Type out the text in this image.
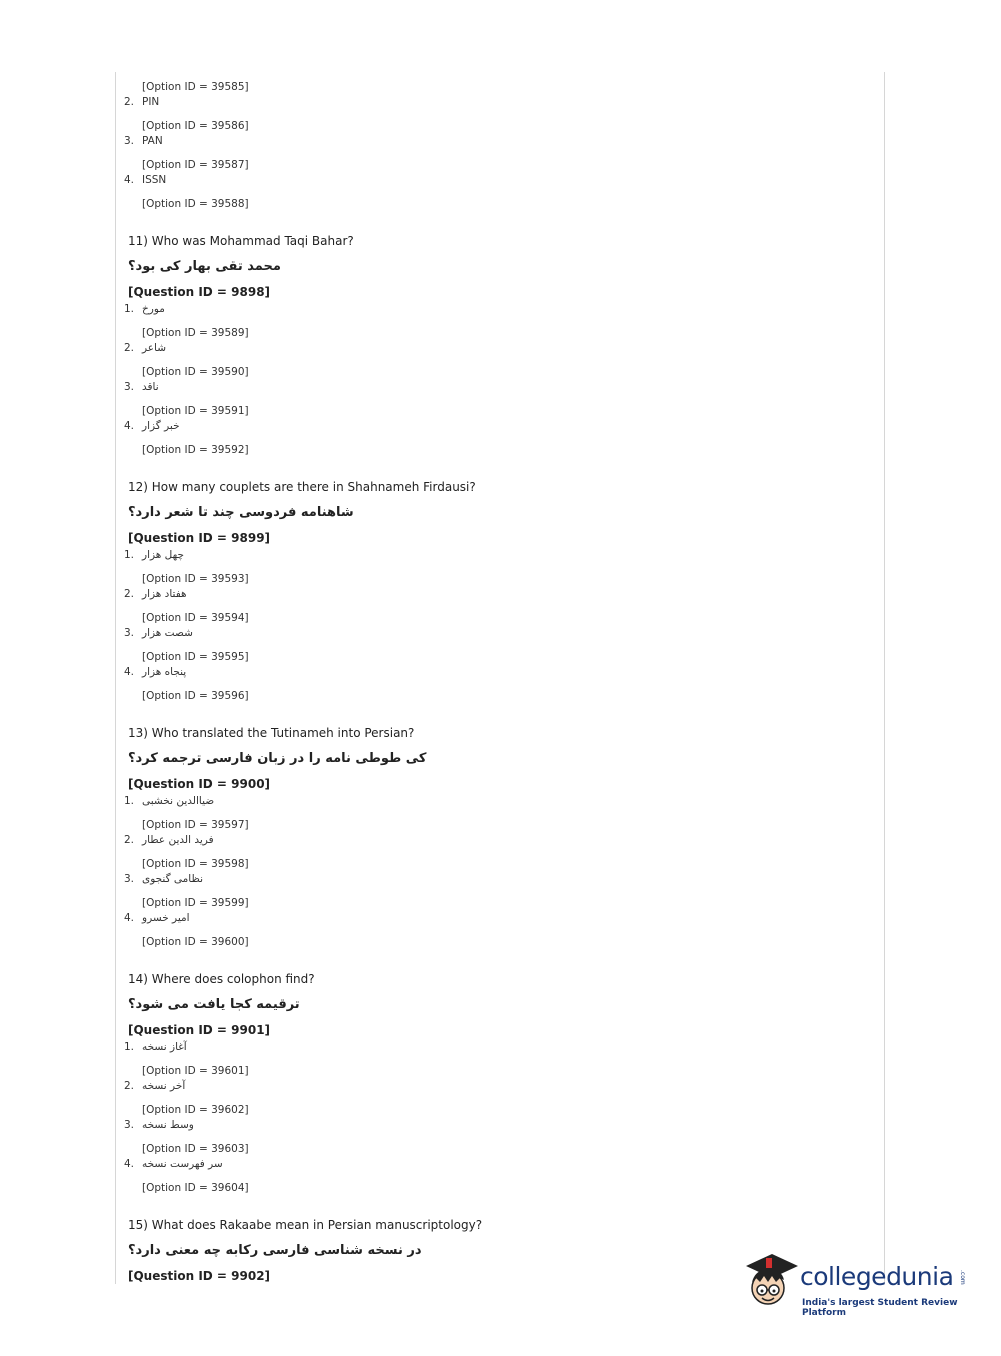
[Option ID = 39585]
2. PIN
[Option ID = 39586]
3. PAN
[Option ID = 39587]
4. ISSN
[Option ID = 39588]
11) Who was Mohammad Taqi Bahar?
محمد تقی بهار کی بود؟
[Question ID = 9898]
1. مورخ
[Option ID = 39589]
2. شاعر
[Option ID = 39590]
3. ناقد
[Option ID = 39591]
4. خبر گزار
[Option ID = 39592]
12) How many couplets are there in Shahnameh Firdausi?
شاهنامه فردوسی چند تا شعر دارد؟
[Question ID = 9899]
1. چهل هزار
[Option ID = 39593]
2. هفتاد هزار
[Option ID = 39594]
3. شصت هزار
[Option ID = 39595]
4. پنجاه هزار
[Option ID = 39596]
13) Who translated the Tutinameh into Persian?
کی طوطی نامه را در زبان فارسی ترجمه کرد؟
[Question ID = 9900]
1. ضیاالدین نخشبی
[Option ID = 39597]
2. فرید الدین عطار
[Option ID = 39598]
3. نظامی گنجوی
[Option ID = 39599]
4. امیر خسرو
[Option ID = 39600]
14) Where does colophon find?
ترقیمه کجا یافت می شود؟
[Question ID = 9901]
1. آغاز نسخه
[Option ID = 39601]
2. آخر نسخه
[Option ID = 39602]
3. وسط نسخه
[Option ID = 39603]
4. سر فهرست نسخه
[Option ID = 39604]
15) What does Rakaabe mean in Persian manuscriptology?
در نسخه شناسی فارسی رکابه چه معنی دارد؟
[Question ID = 9902]	collegedunia .com
India's largest Student Review Platform
